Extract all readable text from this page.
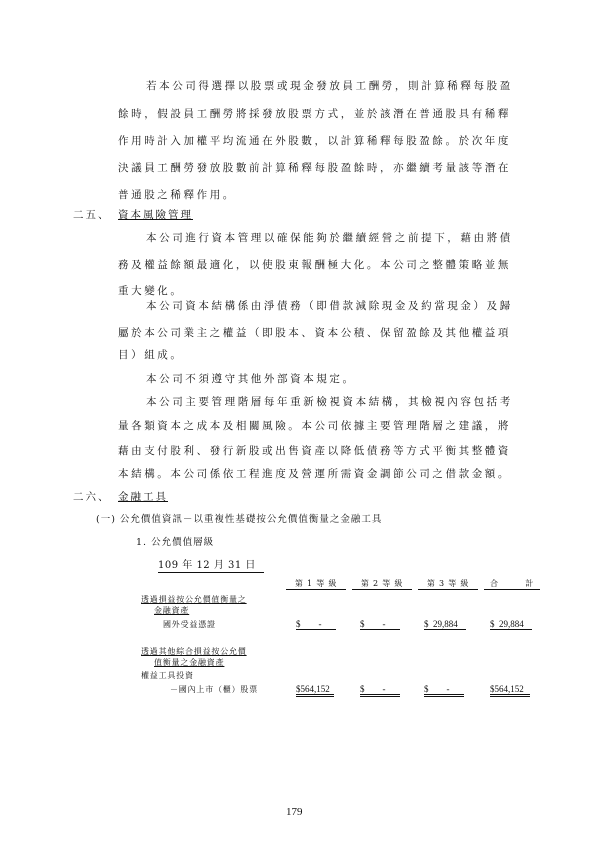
若本公司得選擇以股票或現金發放員工酬勞，則計算稀釋每股盈
餘時，假設員工酬勞將採發放股票方式，並於該潛在普通股具有稀釋
作用時計入加權平均流通在外股數，以計算稀釋每股盈餘。於次年度
決議員工酬勞發放股數前計算稀釋每股盈餘時，亦繼續考量該等潛在
普通股之稀釋作用。
二五、 資本風險管理
本公司進行資本管理以確保能夠於繼續經營之前提下，藉由將債
務及權益餘額最適化，以使股東報酬極大化。本公司之整體策略並無
重大變化。
本公司資本結構係由淨債務（即借款減除現金及約當現金）及歸
屬於本公司業主之權益（即股本、資本公積、保留盈餘及其他權益項
目）組成。
本公司不須遵守其他外部資本規定。
本公司主要管理階層每年重新檢視資本結構，其檢視內容包括考
量各類資本之成本及相關風險。本公司依據主要管理階層之建議，將
藉由支付股利、發行新股或出售資產以降低債務等方式平衡其整體資
本結構。本公司係依工程進度及營運所需資金調節公司之借款金額。
二六、 金融工具
(一) 公允價值資訊－以重複性基礎按公允價值衡量之金融工具
1. 公允價值層級
109 年 12 月 31 日
第 1 等 級	第 2 等 級	第 3 等 級	合　　　計
透過損益按公允價值衡量之
金融資產
國外受益憑證	$        -	$        -	$  29,884	$  29,884
透過其他綜合損益按公允價
值衡量之金融資產
權益工具投資
－國內上市（櫃）股票	$564,152	$        -	$        -	$564,152
179
